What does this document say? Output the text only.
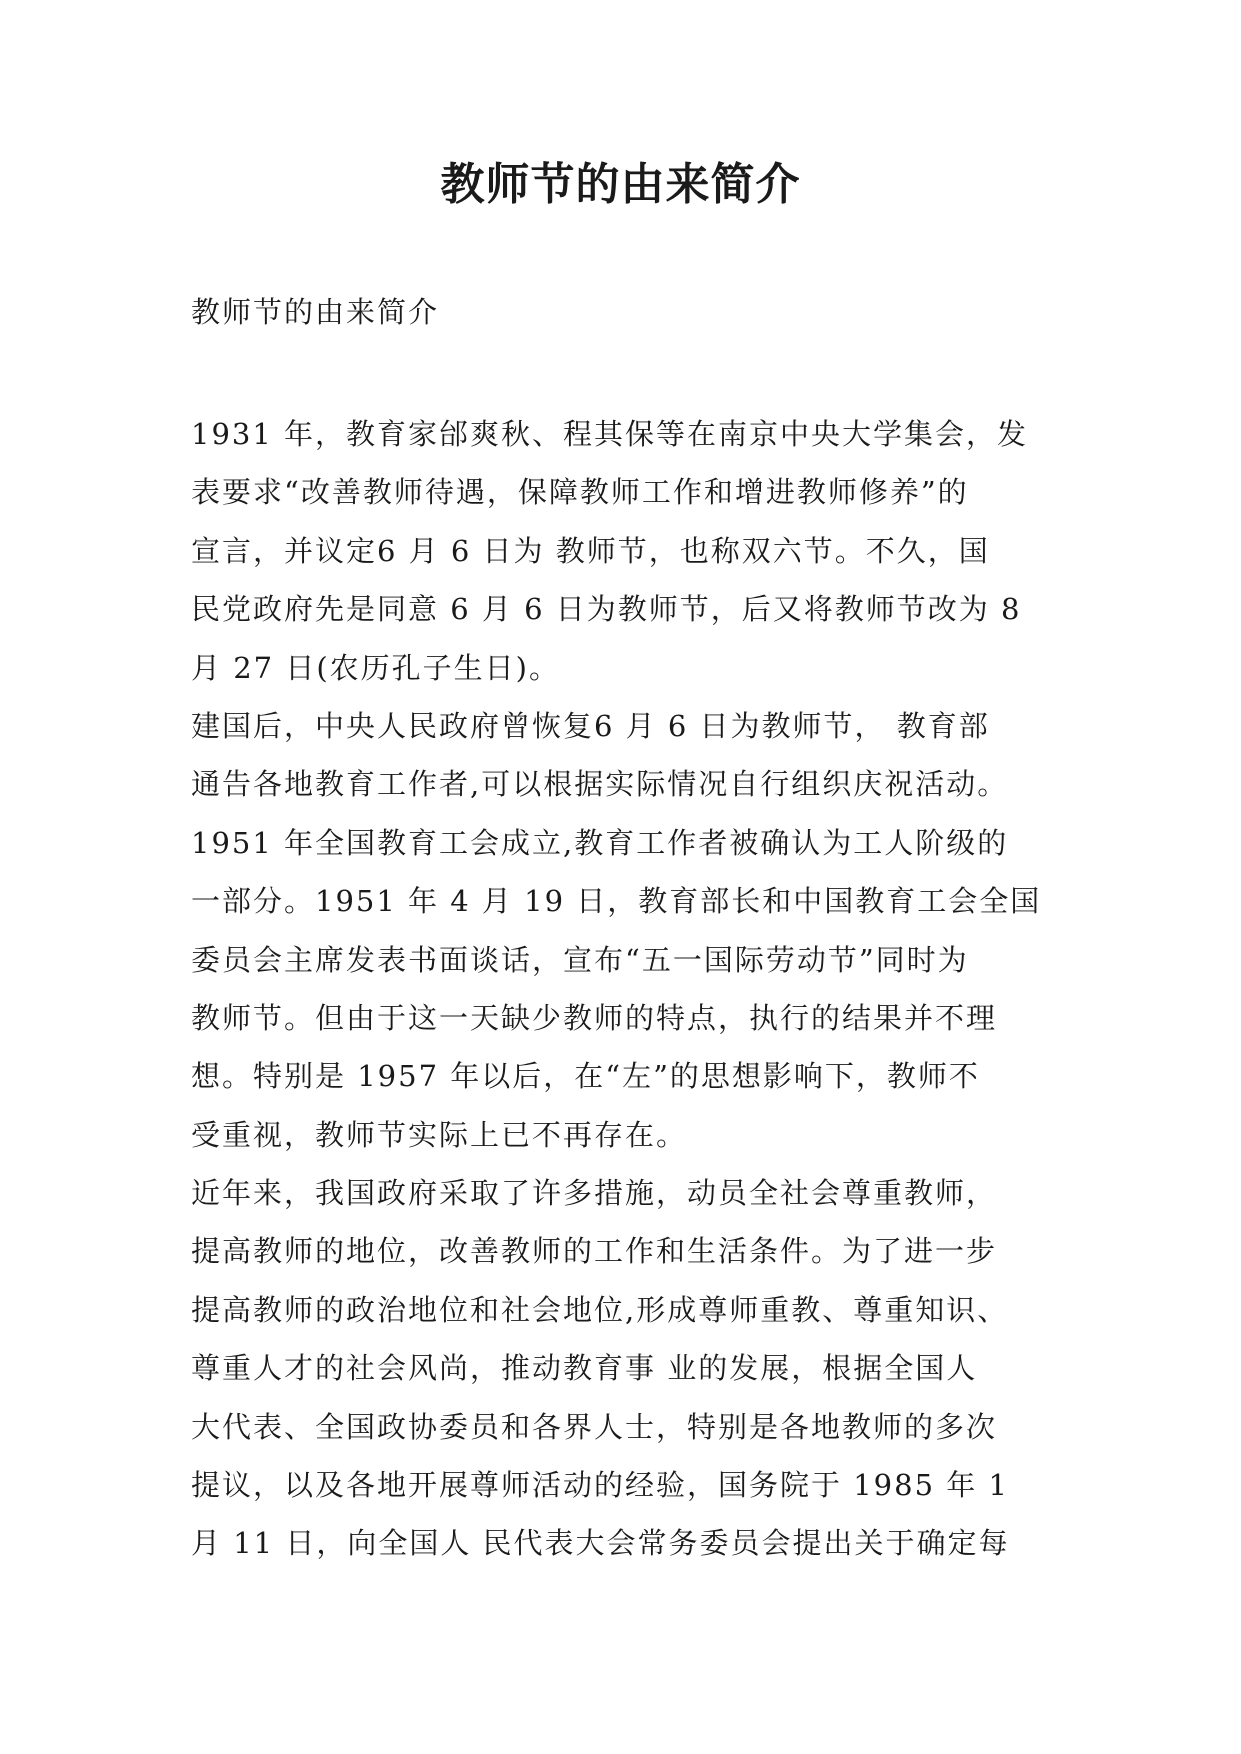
教师节的由来简介
教师节的由来简介
1931 年，教育家邰爽秋、程其保等在南京中央大学集会，发
表要求“改善教师待遇，保障教师工作和增进教师修养”的
宣言，并议定6 月 6 日为 教师节，也称双六节。不久，国
民党政府先是同意 6 月 6 日为教师节，后又将教师节改为 8
月 27 日(农历孔子生日)。
建国后，中央人民政府曾恢复6 月 6 日为教师节， 教育部
通告各地教育工作者,可以根据实际情况自行组织庆祝活动。
1951 年全国教育工会成立,教育工作者被确认为工人阶级的
一部分。1951 年 4 月 19 日，教育部长和中国教育工会全国
委员会主席发表书面谈话，宣布“五一国际劳动节”同时为
教师节。但由于这一天缺少教师的特点，执行的结果并不理
想。特别是 1957 年以后，在“左”的思想影响下，教师不
受重视，教师节实际上已不再存在。
近年来，我国政府采取了许多措施，动员全社会尊重教师，
提高教师的地位，改善教师的工作和生活条件。为了进一步
提高教师的政治地位和社会地位,形成尊师重教、尊重知识、
尊重人才的社会风尚，推动教育事 业的发展，根据全国人
大代表、全国政协委员和各界人士，特别是各地教师的多次
提议，以及各地开展尊师活动的经验，国务院于 1985 年 1
月 11 日，向全国人 民代表大会常务委员会提出关于确定每
